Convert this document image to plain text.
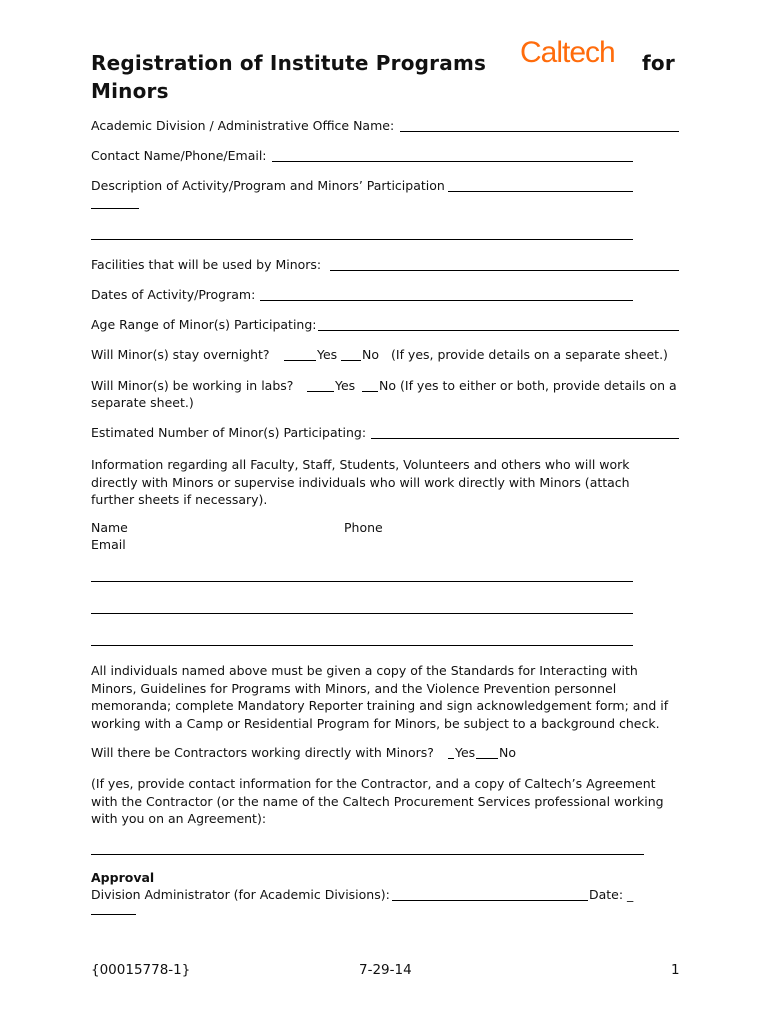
Registration of Institute Programs Caltech for
Minors
Academic Division / Administrative Office Name:
Contact Name/Phone/Email:
Description of Activity/Program and Minors’ Participation
Facilities that will be used by Minors:
Dates of Activity/Program:
Age Range of Minor(s) Participating:
Will Minor(s) stay overnight?	Yes No (If yes, provide details on a separate sheet.)
Will Minor(s) be working in labs?	Yes No (If yes to either or both, provide details on a
separate sheet.)
Estimated Number of Minor(s) Participating:
Information regarding all Faculty, Staff, Students, Volunteers and others who will work directly with Minors or supervise individuals who will work directly with Minors (attach further sheets if necessary).
Name	Phone
Email
All individuals named above must be given a copy of the Standards for Interacting with Minors, Guidelines for Programs with Minors, and the Violence Prevention personnel memoranda; complete Mandatory Reporter training and sign acknowledgement form; and if working with a Camp or Residential Program for Minors, be subject to a background check.
Will there be Contractors working directly with Minors? Yes No
(If yes, provide contact information for the Contractor, and a copy of Caltech’s Agreement with the Contractor (or the name of the Caltech Procurement Services professional working with you on an Agreement):
Approval
Division Administrator (for Academic Divisions):	Date: _
{00015778-1}	7-29-14	1
